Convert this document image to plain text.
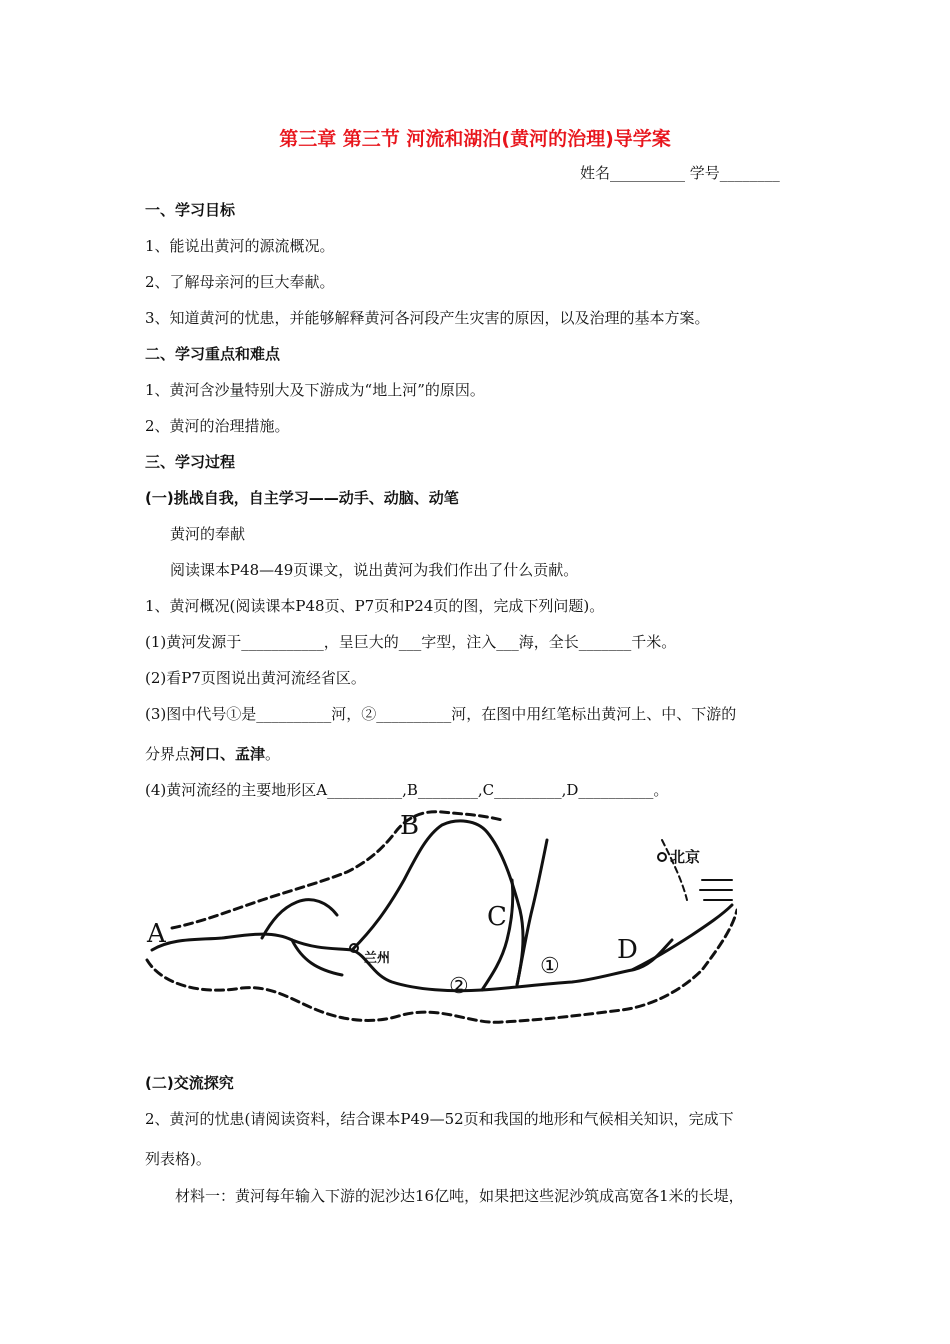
第三章 第三节 河流和湖泊(黄河的治理)导学案
姓名__________ 学号________
一、学习目标
1、能说出黄河的源流概况。
2、了解母亲河的巨大奉献。
3、知道黄河的忧患，并能够解释黄河各河段产生灾害的原因，以及治理的基本方案。
二、学习重点和难点
1、黄河含沙量特别大及下游成为“地上河”的原因。
2、黄河的治理措施。
三、学习过程
(一)挑战自我，自主学习——动手、动脑、动笔
黄河的奉献
阅读课本P48—49页课文，说出黄河为我们作出了什么贡献。
1、黄河概况(阅读课本P48页、P7页和P24页的图，完成下列问题)。
(1)黄河发源于___________，呈巨大的___字型，注入___海，全长_______千米。
(2)看P7页图说出黄河流经省区。
(3)图中代号①是__________河，②__________河，在图中用红笔标出黄河上、中、下游的
分界点河口、孟津。
(4)黄河流经的主要地形区A__________,B________,C_________,D__________。
B
A
C
D
北京
兰州	①
②
(二)交流探究
2、黄河的忧患(请阅读资料，结合课本P49—52页和我国的地形和气候相关知识，完成下
列表格)。
材料一：黄河每年输入下游的泥沙达16亿吨，如果把这些泥沙筑成高宽各1米的长堤，
